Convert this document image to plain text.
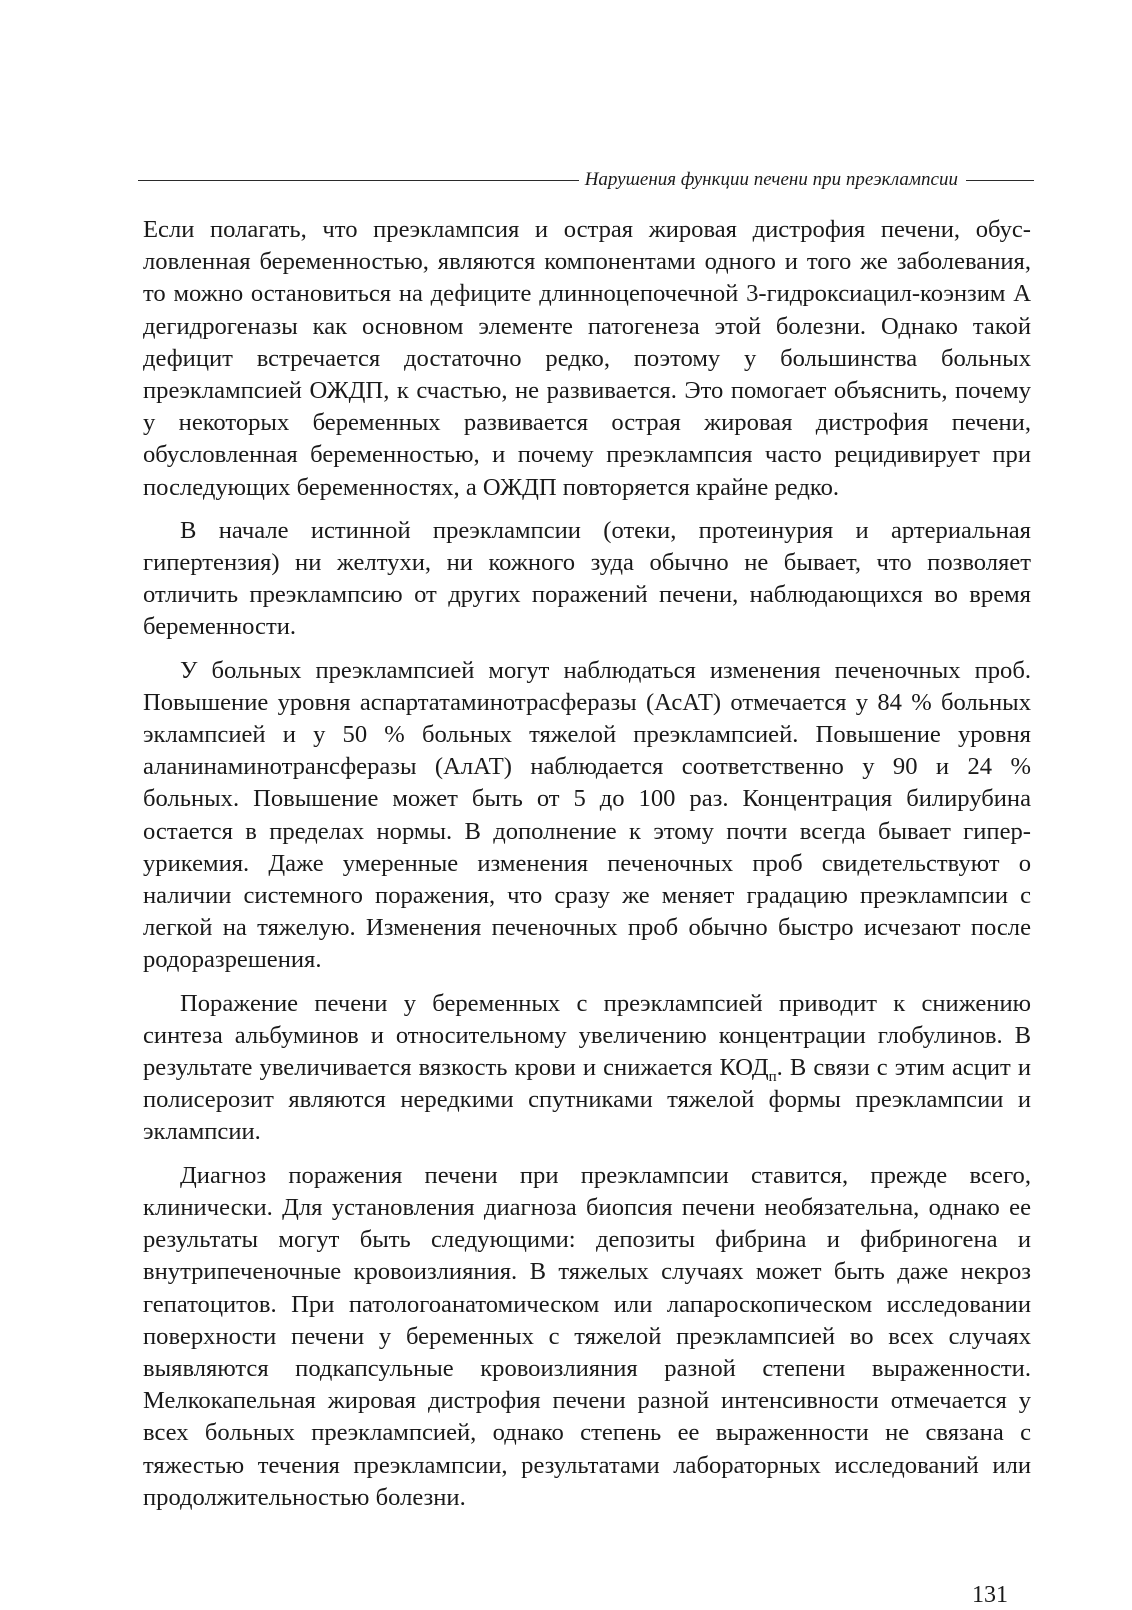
Нарушения функции печени при преэклампсии

Если полагать, что преэклампсия и острая жировая дистрофия печени, обусловленная беременностью, являются компонентами одного и того же заболевания, то можно остановиться на дефиците длинноцепочечной 3-гидроксиацил-коэнзим А дегидрогеназы как основном элементе патогенеза этой болезни. Однако такой дефицит встречается достаточно редко, поэтому у большинства больных преэклампсией ОЖДП, к счастью, не развивается. Это помогает объяснить, почему у некоторых беременных развивается острая жировая дистрофия печени, обусловленная беременностью, и почему преэклампсия часто рецидивирует при последующих беременностях, а ОЖДП повторяется крайне редко.

В начале истинной преэклампсии (отеки, протеинурия и артериальная гипертензия) ни желтухи, ни кожного зуда обычно не бывает, что позволяет отличить преэклампсию от других поражений печени, наблюдающихся во время беременности.

У больных преэклампсией могут наблюдаться изменения печеночных проб. Повышение уровня аспартатаминотрасферазы (АсАТ) отмечается у 84 % больных эклампсией и у 50 % больных тяжелой преэклампсией. Повышение уровня аланинаминотрансферазы (АлАТ) наблюдается соответственно у 90 и 24 % больных. Повышение может быть от 5 до 100 раз. Концентрация билирубина остается в пределах нормы. В дополнение к этому почти всегда бывает гиперурикемия. Даже умеренные изменения печеночных проб свидетельствуют о наличии системного поражения, что сразу же меняет градацию преэклампсии с легкой на тяжелую. Изменения печеночных проб обычно быстро исчезают после родоразрешения.

Поражение печени у беременных с преэклампсией приводит к снижению синтеза альбуминов и относительному увеличению концентрации глобулинов. В результате увеличивается вязкость крови и снижается $КОД_п$. В связи с этим асцит и полисерозит являются нередкими спутниками тяжелой формы преэклампсии и эклампсии.

Диагноз поражения печени при преэклампсии ставится, прежде всего, клинически. Для установления диагноза биопсия печени необязательна, однако ее результаты могут быть следующими: депозиты фибрина и фибриногена и внутрипеченочные кровоизлияния. В тяжелых случаях может быть даже некроз гепатоцитов. При патологоанатомическом или лапароскопическом исследовании поверхности печени у беременных с тяжелой преэклампсией во всех случаях выявляются подкапсульные кровоизлияния разной степени выраженности. Мелкокапельная жировая дистрофия печени разной интенсивности отмечается у всех больных преэклампсией, однако степень ее выраженности не связана с тяжестью течения преэклампсии, результатами лабораторных исследований или продолжительностью болезни.

131
